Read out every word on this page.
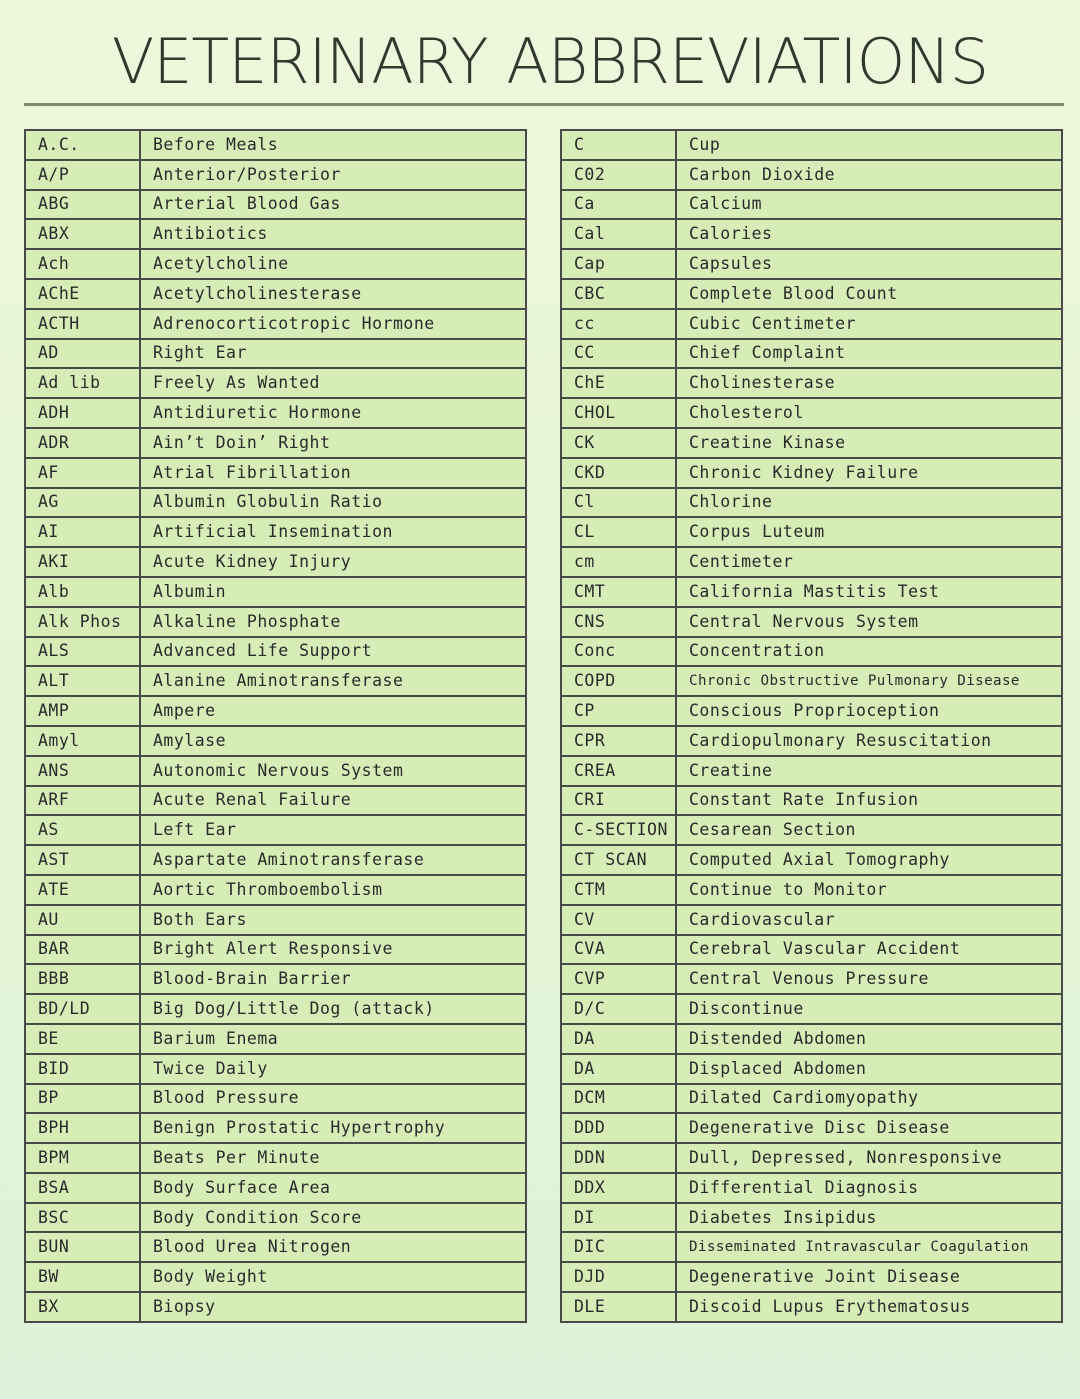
VETERINARY ABBREVIATIONS
A.C.	Before Meals
A/P	Anterior/Posterior
ABG	Arterial Blood Gas
ABX	Antibiotics
Ach	Acetylcholine
AChE	Acetylcholinesterase
ACTH	Adrenocorticotropic Hormone
AD	Right Ear
Ad lib	Freely As Wanted
ADH	Antidiuretic Hormone
ADR	Ain’t Doin’ Right
AF	Atrial Fibrillation
AG	Albumin Globulin Ratio
AI	Artificial Insemination
AKI	Acute Kidney Injury
Alb	Albumin
Alk Phos	Alkaline Phosphate
ALS	Advanced Life Support
ALT	Alanine Aminotransferase
AMP	Ampere
Amyl	Amylase
ANS	Autonomic Nervous System
ARF	Acute Renal Failure
AS	Left Ear
AST	Aspartate Aminotransferase
ATE	Aortic Thromboembolism
AU	Both Ears
BAR	Bright Alert Responsive
BBB	Blood-Brain Barrier
BD/LD	Big Dog/Little Dog (attack)
BE	Barium Enema
BID	Twice Daily
BP	Blood Pressure
BPH	Benign Prostatic Hypertrophy
BPM	Beats Per Minute
BSA	Body Surface Area
BSC	Body Condition Score
BUN	Blood Urea Nitrogen
BW	Body Weight
BX	Biopsy
C	Cup
C02	Carbon Dioxide
Ca	Calcium
Cal	Calories
Cap	Capsules
CBC	Complete Blood Count
cc	Cubic Centimeter
CC	Chief Complaint
ChE	Cholinesterase
CHOL	Cholesterol
CK	Creatine Kinase
CKD	Chronic Kidney Failure
Cl	Chlorine
CL	Corpus Luteum
cm	Centimeter
CMT	California Mastitis Test
CNS	Central Nervous System
Conc	Concentration
COPD	Chronic Obstructive Pulmonary Disease
CP	Conscious Proprioception
CPR	Cardiopulmonary Resuscitation
CREA	Creatine
CRI	Constant Rate Infusion
C-SECTION	Cesarean Section
CT SCAN	Computed Axial Tomography
CTM	Continue to Monitor
CV	Cardiovascular
CVA	Cerebral Vascular Accident
CVP	Central Venous Pressure
D/C	Discontinue
DA	Distended Abdomen
DA	Displaced Abdomen
DCM	Dilated Cardiomyopathy
DDD	Degenerative Disc Disease
DDN	Dull, Depressed, Nonresponsive
DDX	Differential Diagnosis
DI	Diabetes Insipidus
DIC	Disseminated Intravascular Coagulation
DJD	Degenerative Joint Disease
DLE	Discoid Lupus Erythematosus
